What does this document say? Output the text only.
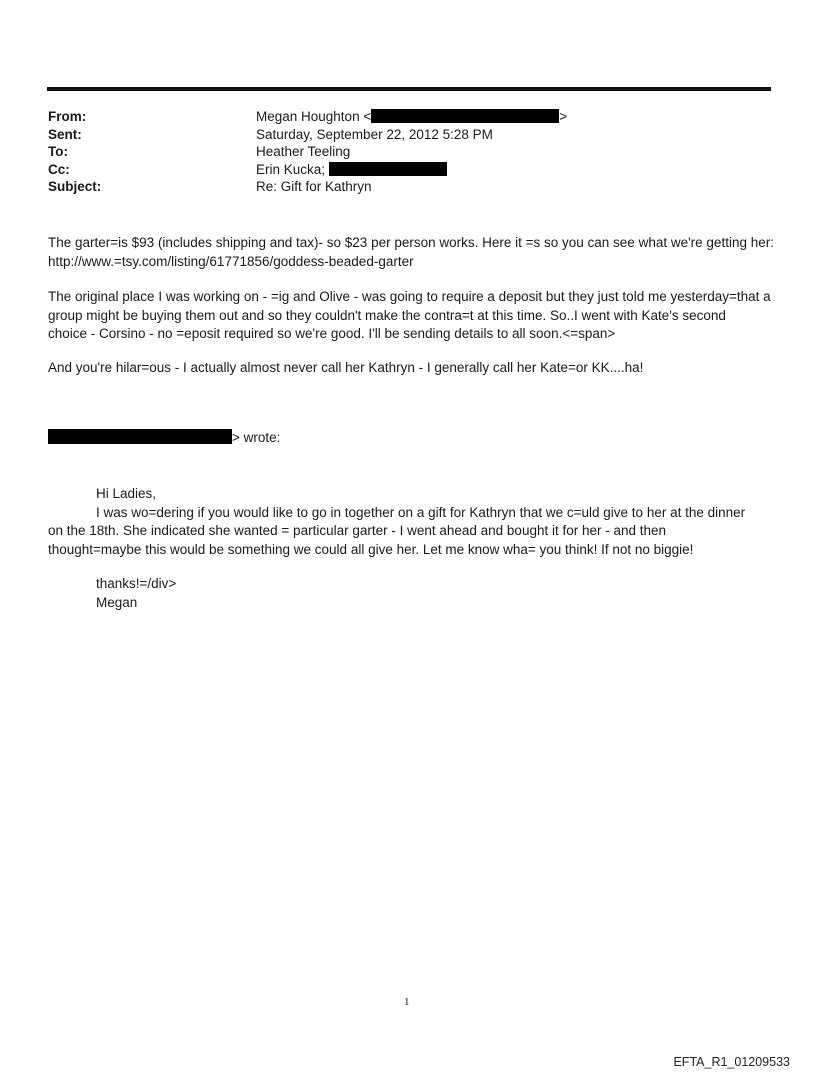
From:	Megan Houghton <	>
Sent:	Saturday, September 22, 2012 5:28 PM
To:	Heather Teeling
Cc:	Erin Kucka;
Subject:	Re: Gift for Kathryn

The garter=is $93 (includes shipping and tax)- so $23 per person works. Here it =s so you can see what we're getting her:

http://www.=tsy.com/listing/61771856/goddess-beaded-garter

The original place I was working on - =ig and Olive - was going to require a deposit but they just told me yesterday=that a

group might be buying them out and so they couldn't make the contra=t at this time. So..I went with Kate's second

choice - Corsino - no =eposit required so we're good. I'll be sending details to all soon.<=span>

And you're hilar=ous - I actually almost never call her Kathryn - I generally call her Kate=or KK....ha!

> wrote:

Hi Ladies,

I was wo=dering if you would like to go in together on a gift for Kathryn that we c=uld give to her at the dinner

on the 18th. She indicated she wanted = particular garter - I went ahead and bought it for her - and then

thought=maybe this would be something we could all give her. Let me know wha= you think! If not no biggie!

thanks!=/div>

Megan

1
EFTA_R1_01209533
